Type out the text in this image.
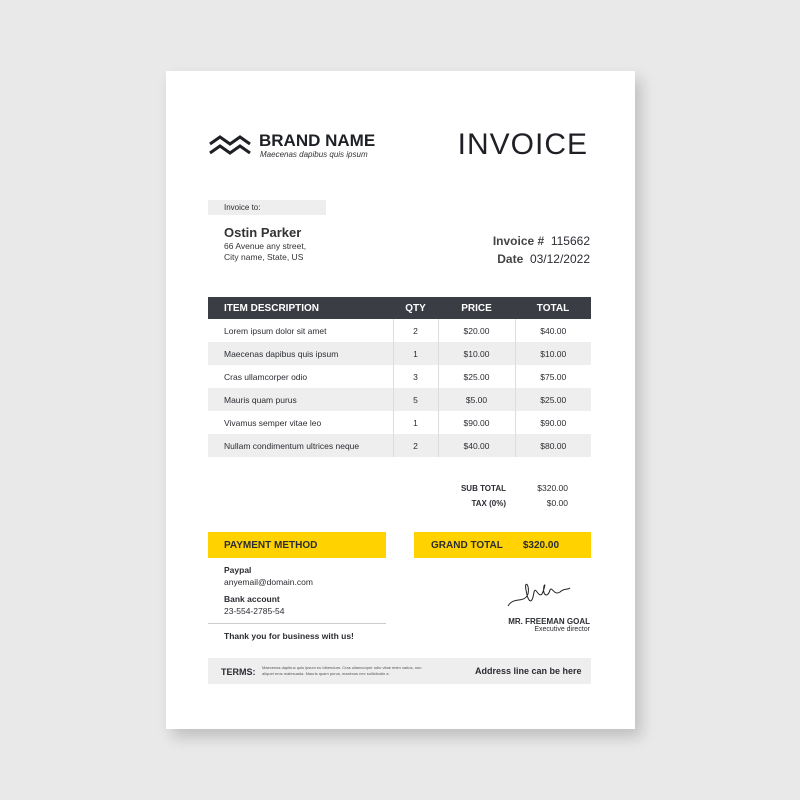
BRAND NAME
Maecenas dapibus quis ipsum	INVOICE
Invoice to:
Ostin Parker
66 Avenue any street,
City name, State, US
Invoice # 115662
Date 03/12/2022
ITEM DESCRIPTION	QTY	PRICE	TOTAL
Lorem ipsum dolor sit amet	2	$20.00	$40.00
Maecenas dapibus quis ipsum	1	$10.00	$10.00
Cras ullamcorper odio	3	$25.00	$75.00
Mauris quam purus	5	$5.00	$25.00
Vivamus semper vitae leo	1	$90.00	$90.00
Nullam condimentum ultrices neque	2	$40.00	$80.00
SUB TOTAL	$320.00
TAX (0%)	$0.00
PAYMENT METHOD	GRAND TOTAL $320.00
Paypal
anyemail@domain.com
Bank account
23-554-2785-54
Thank you for business with us!
MR. FREEMAN GOAL
Executive director
TERMS: Maecenas dapibus quis ipsum eu bibendum. Cras ullamcorper odio vitae enim varius, non aliquet eros malesuada. Mauris quam purus, maximus nec sollicitudin a.	Address line can be here
